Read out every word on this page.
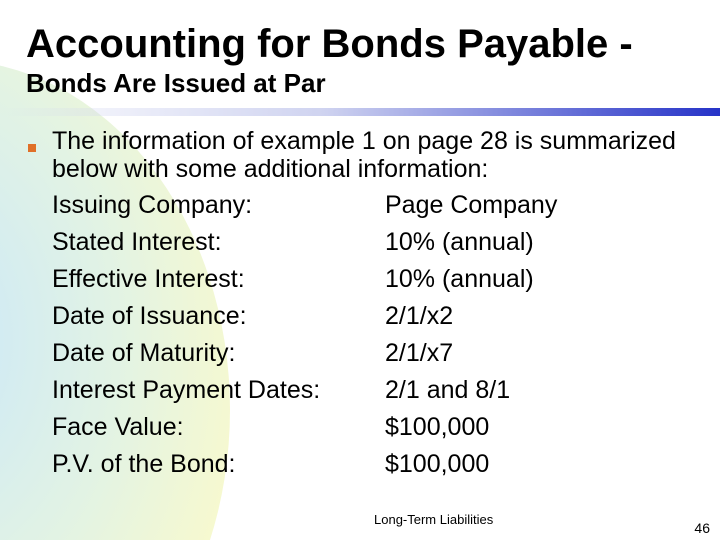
Accounting for Bonds Payable -
Bonds Are Issued at Par

The information of example 1 on page 28 is summarized below with some additional information:

Issuing Company:	Page Company
Stated Interest:	10% (annual)
Effective Interest:	10% (annual)
Date of Issuance:	2/1/x2
Date of Maturity:	2/1/x7
Interest Payment Dates:	2/1 and 8/1
Face Value:	$100,000
P.V. of the Bond:	$100,000
Long-Term Liabilities
46
